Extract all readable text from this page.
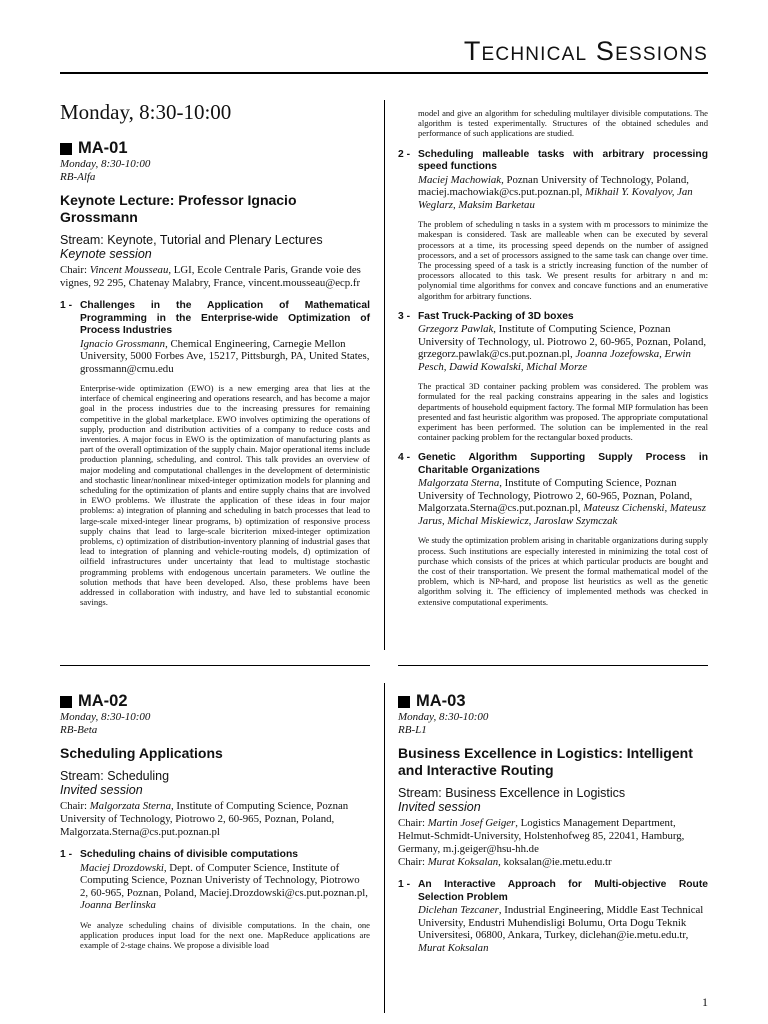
Technical Sessions
Monday, 8:30-10:00
MA-01
Monday, 8:30-10:00
RB-Alfa
Keynote Lecture: Professor Ignacio Grossmann
Stream: Keynote, Tutorial and Plenary Lectures
Keynote session
Chair: Vincent Mousseau, LGI, Ecole Centrale Paris, Grande voie des vignes, 92 295, Chatenay Malabry, France, vincent.mousseau@ecp.fr
1 - Challenges in the Application of Mathematical Programming in the Enterprise-wide Optimization of Process Industries
Ignacio Grossmann, Chemical Engineering, Carnegie Mellon University, 5000 Forbes Ave, 15217, Pittsburgh, PA, United States, grossmann@cmu.edu
Enterprise-wide optimization (EWO) is a new emerging area that lies at the interface of chemical engineering and operations research, and has become a major goal in the process industries due to the increasing pressures for remaining competitive in the global marketplace. EWO involves optimizing the operations of supply, production and distribution activities of a company to reduce costs and inventories. A major focus in EWO is the optimization of manufacturing plants as part of the overall optimization of the supply chain. Major operational items include production planning, scheduling, and control. This talk provides an overview of major modeling and computational challenges in the development of deterministic and stochastic linear/nonlinear mixed-integer optimization models for planning and scheduling for the optimization of plants and entire supply chains that are involved in EWO problems. We illustrate the application of these ideas in four major problems: a) integration of planning and scheduling in batch processes that lead to large-scale mixed-integer linear programs, b) optimization of responsive process supply chains that lead to large-scale bicriterion mixed-integer optimization problems, c) optimization of distribution-inventory planning of industrial gases that lead to integration of planning and vehicle-routing models, d) optimization of oilfield infrastructures under uncertainty that lead to multistage stochastic programming problems with endogenous uncertain parameters. We outline the solution methods that have been developed. Also, these problems have been addressed in collaboration with industry, and have led to substantial economic savings.
model and give an algorithm for scheduling multilayer divisible computations. The algorithm is tested experimentally. Structures of the obtained schedules and performance of such applications are studied.
2 - Scheduling malleable tasks with arbitrary processing speed functions
Maciej Machowiak, Poznan University of Technology, Poland, maciej.machowiak@cs.put.poznan.pl, Mikhail Y. Kovalyov, Jan Weglarz, Maksim Barketau
The problem of scheduling n tasks in a system with m processors to minimize the makespan is considered. Task are malleable when can be executed by several processors at a time, its processing speed depends on the number of assigned processors, and a set of processors assigned to the same task can change over time. The processing speed of a task is a strictly increasing function of the number of processors allocated to this task. We present results for arbitrary n and m: polynomial time algorithms for convex and concave functions and an enumerative algorithm for arbitrary functions.
3 - Fast Truck-Packing of 3D boxes
Grzegorz Pawlak, Institute of Computing Science, Poznan University of Technology, ul. Piotrowo 2, 60-965, Poznan, Poland, grzegorz.pawlak@cs.put.poznan.pl, Joanna Jozefowska, Erwin Pesch, Dawid Kowalski, Michal Morze
The practical 3D container packing problem was considered. The problem was formulated for the real packing constrains appearing in the sales and logistics departments of household equipment factory. The formal MIP formulation has been presented and fast heuristic algorithm was proposed. The appropriate computational experiment has been performed. The solution can be implemented in the real container packing problem for the rectangular boxed products.
4 - Genetic Algorithm Supporting Supply Process in Charitable Organizations
Malgorzata Sterna, Institute of Computing Science, Poznan University of Technology, Piotrowo 2, 60-965, Poznan, Poland, Malgorzata.Sterna@cs.put.poznan.pl, Mateusz Cichenski, Mateusz Jarus, Michal Miskiewicz, Jaroslaw Szymczak
We study the optimization problem arising in charitable organizations during supply process. Such institutions are especially interested in minimizing the total cost of purchase which consists of the prices at which particular products are bought and the cost of their transportation. We present the formal mathematical model of the problem, which is NP-hard, and propose list heuristics as well as the genetic algorithm solving it. The efficiency of implemented methods was checked in extensive computational experiments.
MA-02
Monday, 8:30-10:00
RB-Beta
Scheduling Applications
Stream: Scheduling
Invited session
Chair: Malgorzata Sterna, Institute of Computing Science, Poznan University of Technology, Piotrowo 2, 60-965, Poznan, Poland, Malgorzata.Sterna@cs.put.poznan.pl
1 - Scheduling chains of divisible computations
Maciej Drozdowski, Dept. of Computer Science, Institute of Computing Science, Poznan Univeristy of Technology, Piotrowo 2, 60-965, Poznan, Poland, Maciej.Drozdowski@cs.put.poznan.pl, Joanna Berlinska
We analyze scheduling chains of divisible computations. In the chain, one application produces input load for the next one. MapReduce applications are example of 2-stage chains. We propose a divisible load
MA-03
Monday, 8:30-10:00
RB-L1
Business Excellence in Logistics: Intelligent and Interactive Routing
Stream: Business Excellence in Logistics
Invited session
Chair: Martin Josef Geiger, Logistics Management Department, Helmut-Schmidt-University, Holstenhofweg 85, 22041, Hamburg, Germany, m.j.geiger@hsu-hh.de
Chair: Murat Koksalan, koksalan@ie.metu.edu.tr
1 - An Interactive Approach for Multi-objective Route Selection Problem
Diclehan Tezcaner, Industrial Engineering, Middle East Technical University, Endustri Muhendisligi Bolumu, Orta Dogu Teknik Universitesi, 06800, Ankara, Turkey, diclehan@ie.metu.edu.tr, Murat Koksalan
1
